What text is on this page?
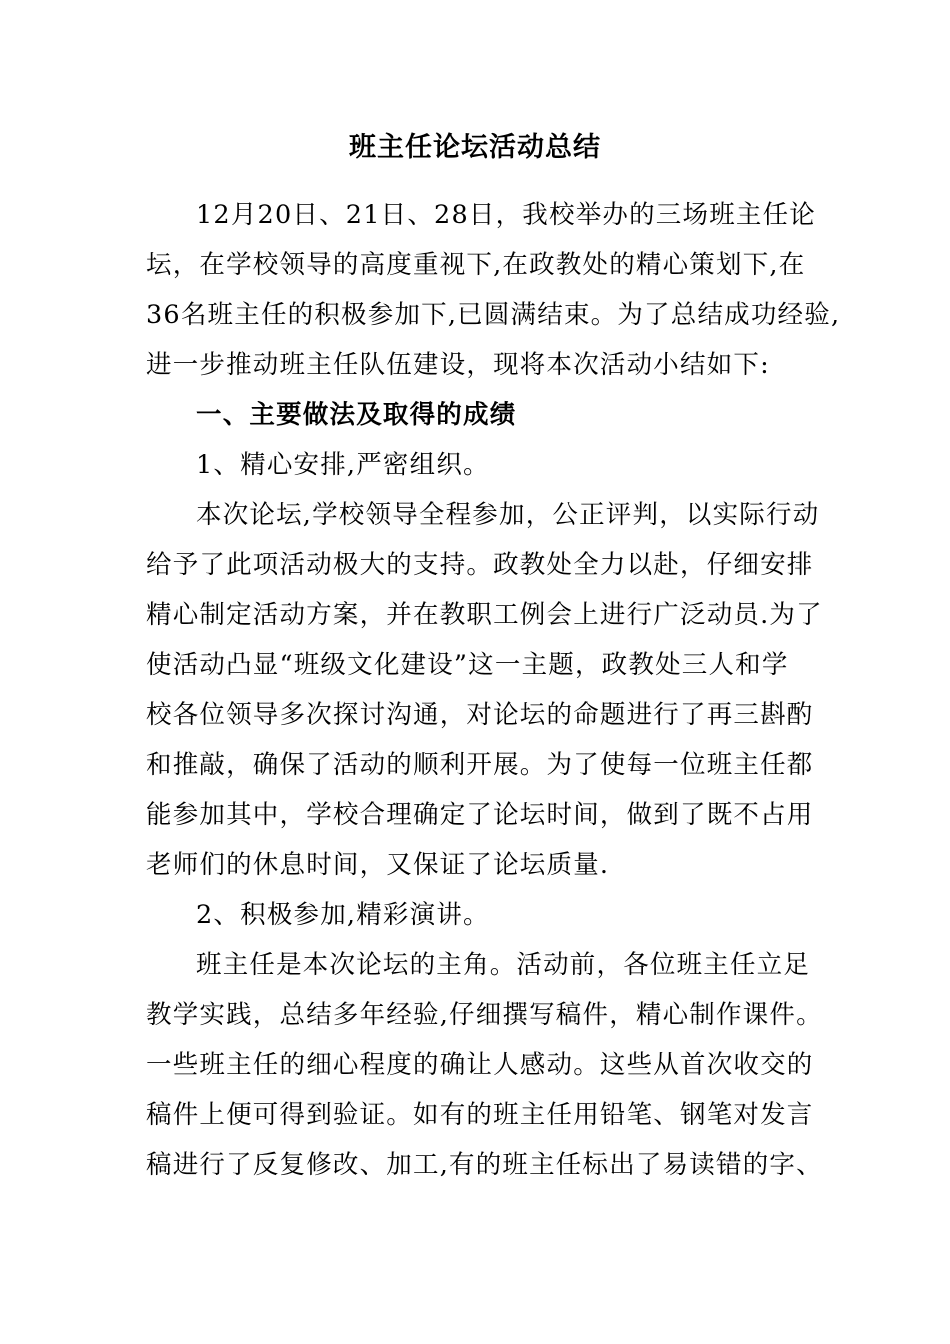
班主任论坛活动总结
12月20日、21日、28日，我校举办的三场班主任论
坛，在学校领导的高度重视下,在政教处的精心策划下,在
36名班主任的积极参加下,已圆满结束。为了总结成功经验,
进一步推动班主任队伍建设，现将本次活动小结如下:
一、主要做法及取得的成绩
1、精心安排,严密组织。
本次论坛,学校领导全程参加，公正评判，以实际行动
给予了此项活动极大的支持。政教处全力以赴，仔细安排
精心制定活动方案，并在教职工例会上进行广泛动员.为了
使活动凸显“班级文化建设”这一主题，政教处三人和学
校各位领导多次探讨沟通，对论坛的命题进行了再三斟酌
和推敲，确保了活动的顺利开展。为了使每一位班主任都
能参加其中，学校合理确定了论坛时间，做到了既不占用
老师们的休息时间，又保证了论坛质量.
2、积极参加,精彩演讲。
班主任是本次论坛的主角。活动前，各位班主任立足
教学实践，总结多年经验,仔细撰写稿件，精心制作课件。
一些班主任的细心程度的确让人感动。这些从首次收交的
稿件上便可得到验证。如有的班主任用铅笔、钢笔对发言
稿进行了反复修改、加工,有的班主任标出了易读错的字、
